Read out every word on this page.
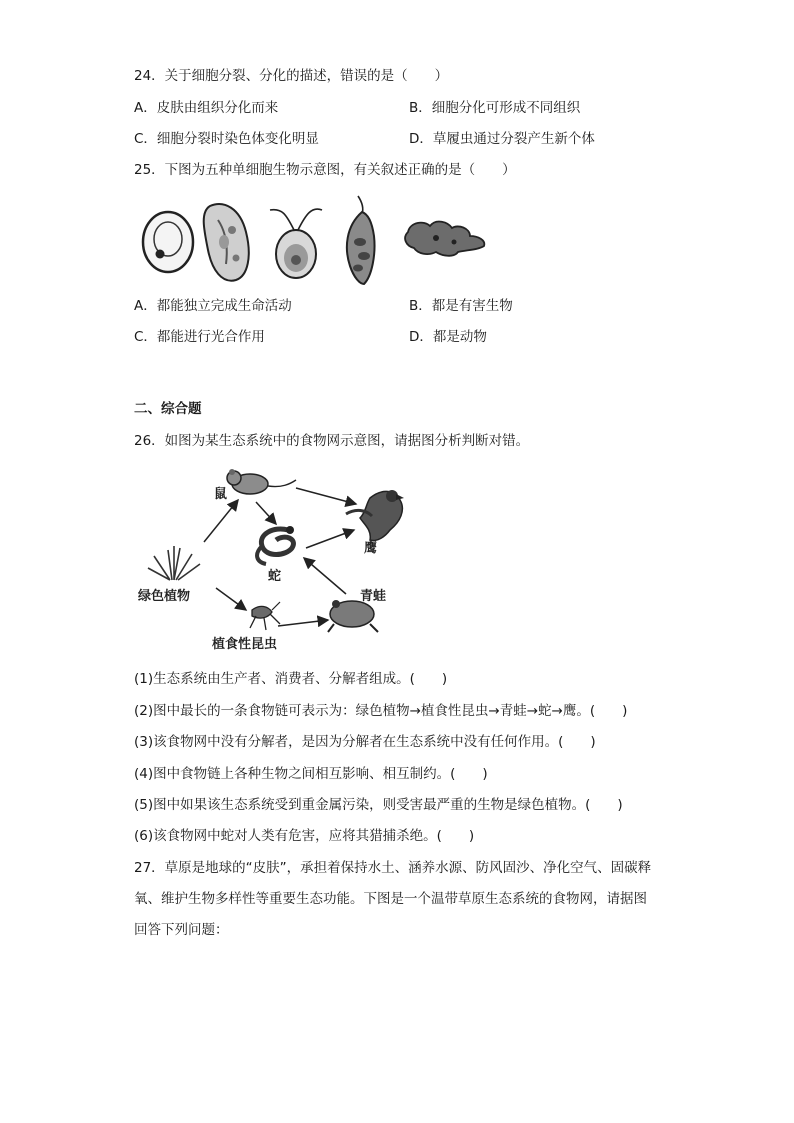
24．关于细胞分裂、分化的描述，错误的是（　　）
A．皮肤由组织分化而来	B．细胞分化可形成不同组织
C．细胞分裂时染色体变化明显	D．草履虫通过分裂产生新个体
25．下图为五种单细胞生物示意图，有关叙述正确的是（　　）
A．都能独立完成生命活动	B．都是有害生物
C．都能进行光合作用	D．都是动物
二、综合题
26．如图为某生态系统中的食物网示意图，请据图分析判断对错。
鼠
鹰
蛇
青蛙
绿色植物
植食性昆虫
(1)生态系统由生产者、消费者、分解者组成。(　　)
(2)图中最长的一条食物链可表示为：绿色植物→植食性昆虫→青蛙→蛇→鹰。(　　)
(3)该食物网中没有分解者，是因为分解者在生态系统中没有任何作用。(　　)
(4)图中食物链上各种生物之间相互影响、相互制约。(　　)
(5)图中如果该生态系统受到重金属污染，则受害最严重的生物是绿色植物。(　　)
(6)该食物网中蛇对人类有危害，应将其猎捕杀绝。(　　)
27．草原是地球的“皮肤”，承担着保持水土、涵养水源、防风固沙、净化空气、固碳释
氧、维护生物多样性等重要生态功能。下图是一个温带草原生态系统的食物网，请据图
回答下列问题：
